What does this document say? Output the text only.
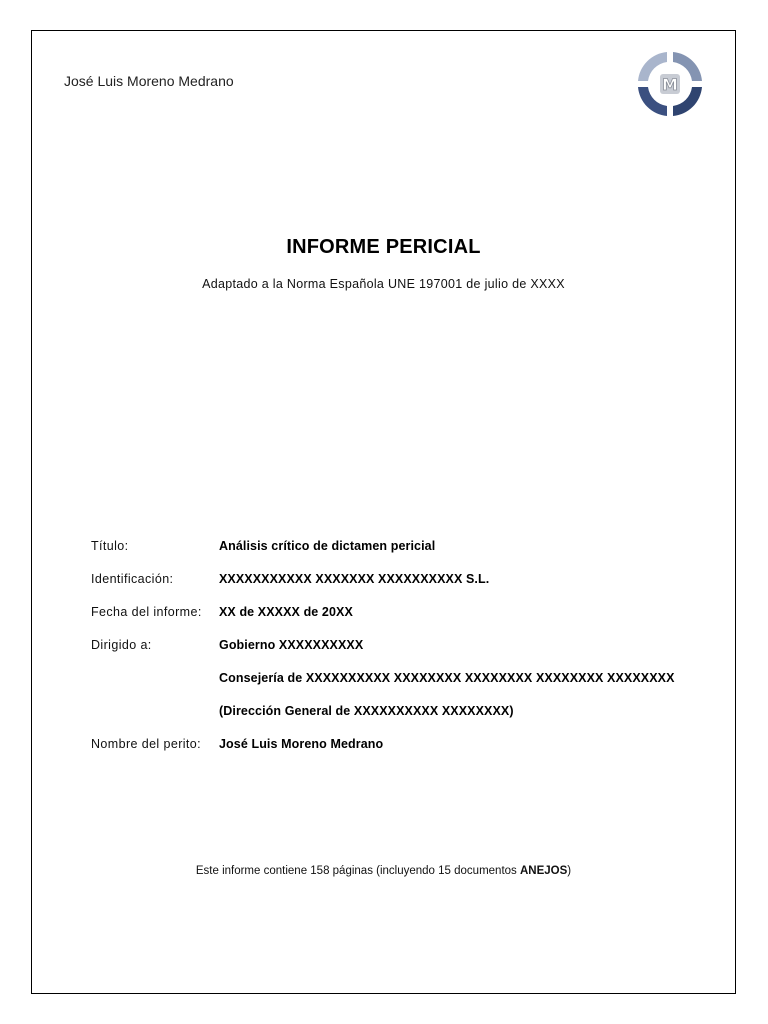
José Luis Moreno Medrano	M
INFORME PERICIAL
Adaptado a la Norma Española UNE 197001 de julio de XXXX
Título:	Análisis crítico de dictamen pericial
Identificación:	XXXXXXXXXXX XXXXXXX XXXXXXXXXX S.L.
Fecha del informe:	XX de XXXXX de 20XX
Dirigido a:	Gobierno XXXXXXXXXX
Consejería de XXXXXXXXXX XXXXXXXX XXXXXXXX XXXXXXXX XXXXXXXX
(Dirección General de XXXXXXXXXX XXXXXXXX)
Nombre del perito:	José Luis Moreno Medrano
Este informe contiene 158 páginas (incluyendo 15 documentos ANEJOS)
